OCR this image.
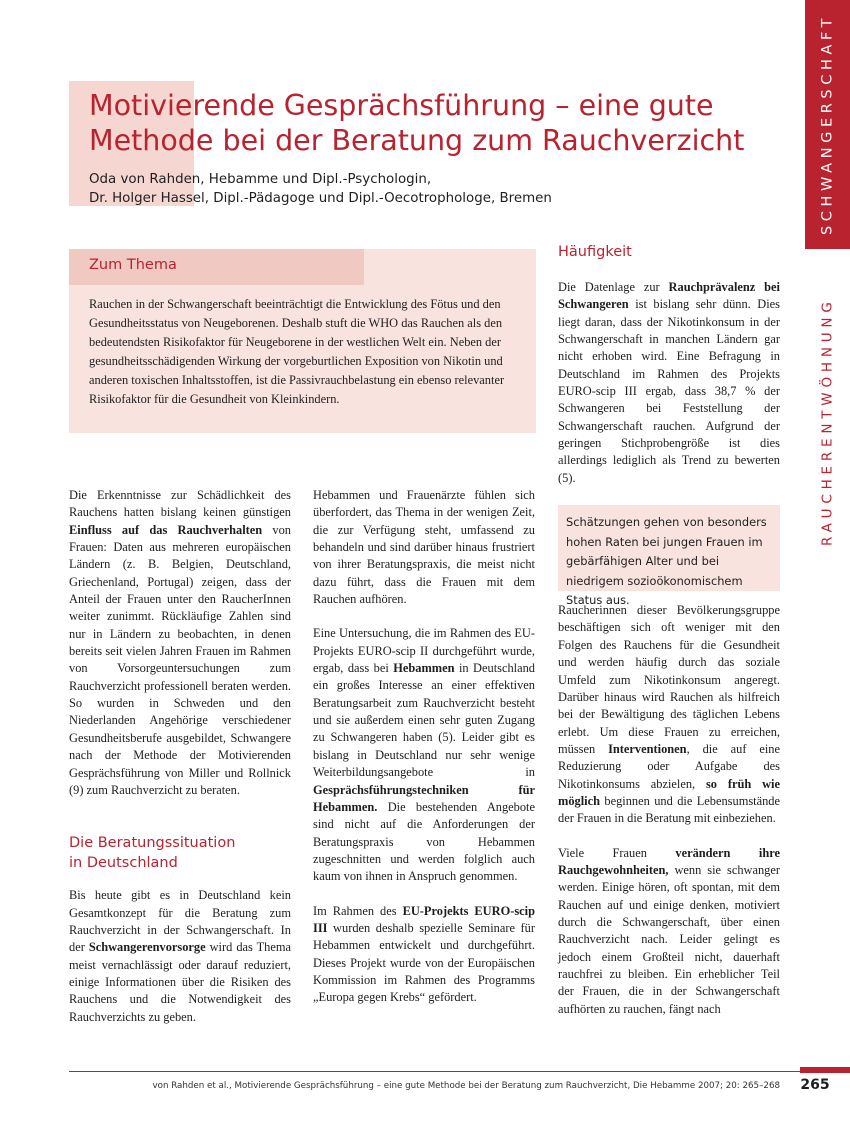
Motivierende Gesprächsführung – eine gute
Methode bei der Beratung zum Rauchverzicht
Oda von Rahden, Hebamme und Dipl.-Psychologin,
Dr. Holger Hassel, Dipl.-Pädagoge und Dipl.-Oecotrophologe, Bremen	SCHWANGERSCHAFT
RAUCHERENTWÖHNUNG
Zum Thema

Rauchen in der Schwangerschaft beeinträchtigt die Entwicklung des Fötus und den Gesundheitsstatus von Neugeborenen. Deshalb stuft die WHO das Rauchen als den bedeutendsten Risikofaktor für Neugeborene in der westlichen Welt ein. Neben der gesundheitsschädigenden Wirkung der vorgeburtlichen Exposition von Nikotin und anderen toxischen Inhaltsstoffen, ist die Passivrauchbelastung ein ebenso relevanter Risikofaktor für die Gesundheit von Kleinkindern.

Die Erkenntnisse zur Schädlichkeit des Rauchens hatten bislang keinen günstigen Einfluss auf das Rauchverhalten von Frauen: Daten aus mehreren europäischen Ländern (z. B. Belgien, Deutschland, Griechenland, Portugal) zeigen, dass der Anteil der Frauen unter den RaucherInnen weiter zunimmt. Rückläufige Zahlen sind nur in Ländern zu beobachten, in denen bereits seit vielen Jahren Frauen im Rahmen von Vorsorgeuntersuchungen zum Rauchverzicht professionell beraten werden. So wurden in Schweden und den Niederlanden Angehörige verschiedener Gesundheitsberufe ausgebildet, Schwangere nach der Methode der Motivierenden Gesprächsführung von Miller und Rollnick (9) zum Rauchverzicht zu beraten.

Die Beratungssituation
in Deutschland

Bis heute gibt es in Deutschland kein Gesamtkonzept für die Beratung zum Rauchverzicht in der Schwangerschaft. In der Schwangerenvorsorge wird das Thema meist vernachlässigt oder darauf reduziert, einige Informationen über die Risiken des Rauchens und die Notwendigkeit des Rauchverzichts zu geben.

Hebammen und Frauenärzte fühlen sich überfordert, das Thema in der wenigen Zeit, die zur Verfügung steht, umfassend zu behandeln und sind darüber hinaus frustriert von ihrer Beratungspraxis, die meist nicht dazu führt, dass die Frauen mit dem Rauchen aufhören.

Eine Untersuchung, die im Rahmen des EU-Projekts EURO-scip II durchgeführt wurde, ergab, dass bei Hebammen in Deutschland ein großes Interesse an einer effektiven Beratungsarbeit zum Rauchverzicht besteht und sie außerdem einen sehr guten Zugang zu Schwangeren haben (5). Leider gibt es bislang in Deutschland nur sehr wenige Weiterbildungsangebote in Gesprächsführungstechniken für Hebammen. Die bestehenden Angebote sind nicht auf die Anforderungen der Beratungspraxis von Hebammen zugeschnitten und werden folglich auch kaum von ihnen in Anspruch genommen.

Im Rahmen des EU-Projekts EURO-scip III wurden deshalb spezielle Seminare für Hebammen entwickelt und durchgeführt. Dieses Projekt wurde von der Europäischen Kommission im Rahmen des Programms „Europa gegen Krebs“ gefördert.

Häufigkeit

Die Datenlage zur Rauchprävalenz bei Schwangeren ist bislang sehr dünn. Dies liegt daran, dass der Nikotinkonsum in der Schwangerschaft in manchen Ländern gar nicht erhoben wird. Eine Befragung in Deutschland im Rahmen des Projekts EURO-scip III ergab, dass 38,7 % der Schwangeren bei Feststellung der Schwangerschaft rauchen. Aufgrund der geringen Stichprobengröße ist dies allerdings lediglich als Trend zu bewerten (5).

Raucherinnen dieser Bevölkerungsgruppe beschäftigen sich oft weniger mit den Folgen des Rauchens für die Gesundheit und werden häufig durch das soziale Umfeld zum Nikotinkonsum angeregt. Darüber hinaus wird Rauchen als hilfreich bei der Bewältigung des täglichen Lebens erlebt. Um diese Frauen zu erreichen, müssen Interventionen, die auf eine Reduzierung oder Aufgabe des Nikotinkonsums abzielen, so früh wie möglich beginnen und die Lebensumstände der Frauen in die Beratung mit einbeziehen.

Viele Frauen verändern ihre Rauchgewohnheiten, wenn sie schwanger werden. Einige hören, oft spontan, mit dem Rauchen auf und einige denken, motiviert durch die Schwangerschaft, über einen Rauchverzicht nach. Leider gelingt es jedoch einem Großteil nicht, dauerhaft rauchfrei zu bleiben. Ein erheblicher Teil der Frauen, die in der Schwangerschaft aufhörten zu rauchen, fängt nach

Schätzungen gehen von besonders hohen Raten bei jungen Frauen im gebärfähigen Alter und bei niedrigem sozioökonomischem Status aus.

von Rahden et al., Motivierende Gesprächsführung – eine gute Methode bei der Beratung zum Rauchverzicht, Die Hebamme 2007; 20: 265–268 265
